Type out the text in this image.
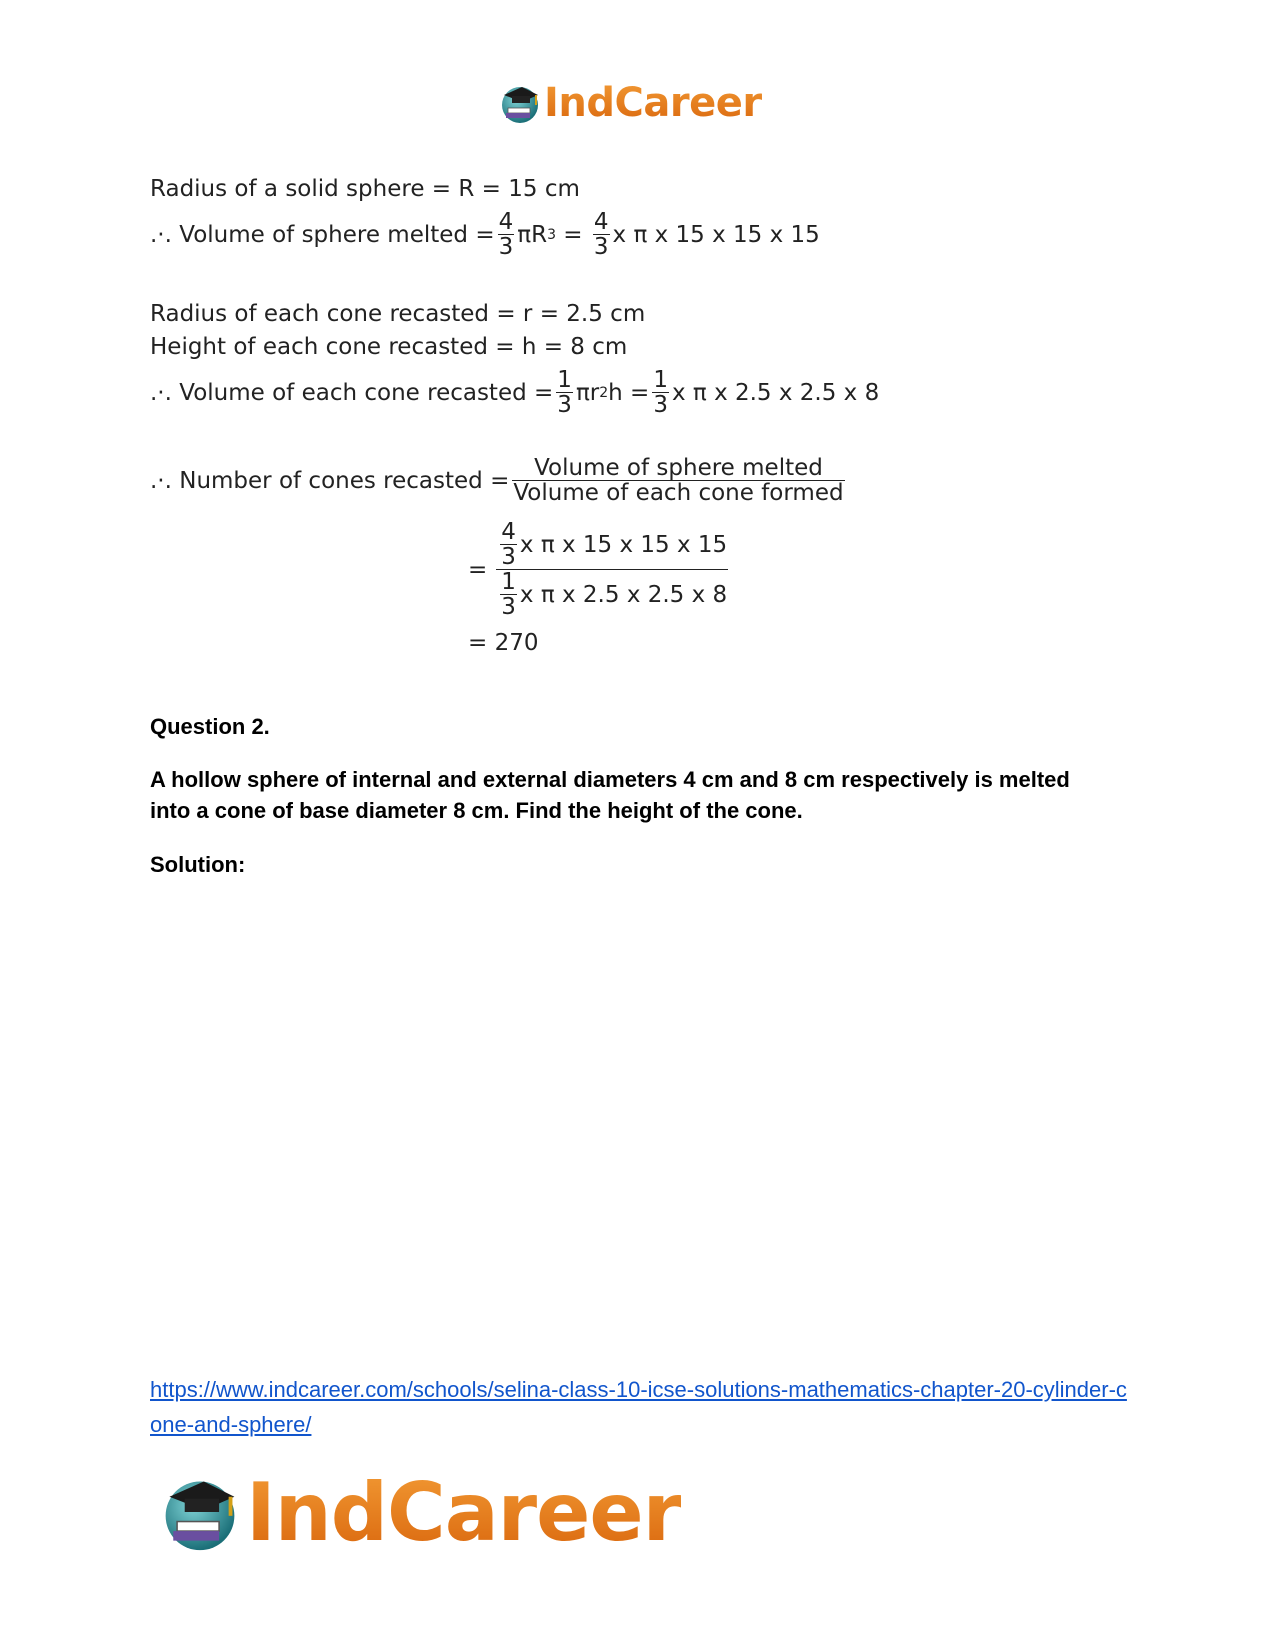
IndCareer
Radius of a solid sphere = R = 15 cm
.·. Volume of sphere melted = $\frac{4}{3}$ πR $3 = \frac{4}{3}$ x π x 15 x 15 x 15
Radius of each cone recasted = r = 2.5 cm
Height of each cone recasted = h = 8 cm
.·. Volume of each cone recasted = $\frac{1}{3}$ πr 2 $h = \frac{1}{3}$ x π x 2.5 x 2.5 x 8
.·. Number of cones recasted = $\frac{\text{Volume of sphere melted}}{\text{Volume of each cone formed}}$
= $\frac{\frac{4}{3} x \pi x 15 x 15 x 15}{\frac{1}{3} x \pi x 2.5 x 2.5 x 8}$
= 270
Question 2.
A hollow sphere of internal and external diameters 4 cm and 8 cm respectively is melted into a cone of base diameter 8 cm. Find the height of the cone.
Solution:
https://www.indcareer.com/schools/selina-class-10-icse-solutions-mathematics-chapter-20-cylinder-cone-and-sphere/
IndCareer
